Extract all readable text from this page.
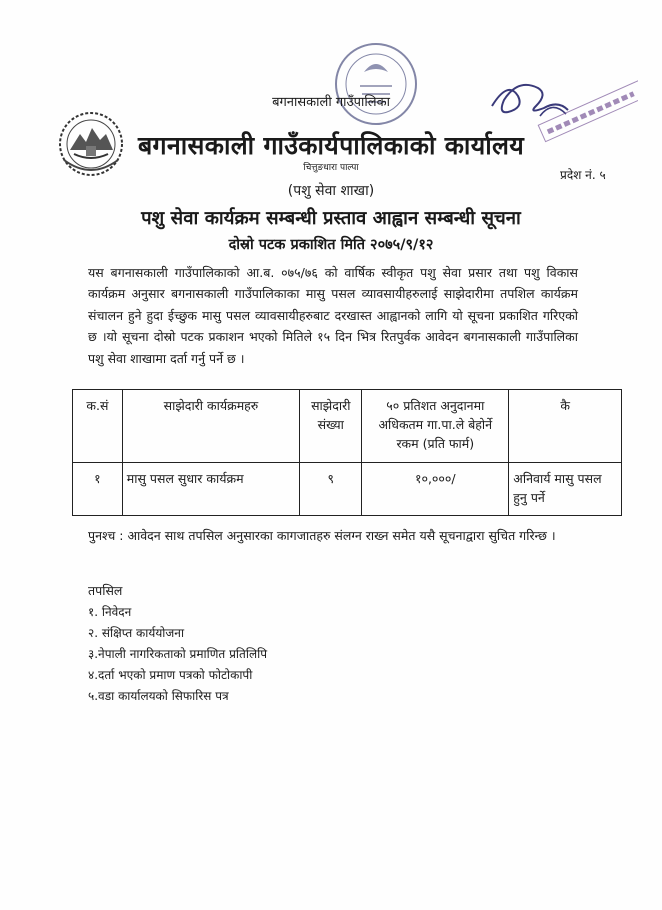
बगनासकाली गाउँपालिका
बगनासकाली गाउँकार्यपालिकाको कार्यालय
चित्तुङधारा पाल्पा	प्रदेश नं. ५
(पशु सेवा शाखा)
पशु सेवा कार्यक्रम सम्बन्धी प्रस्ताव आह्वान सम्बन्धी सूचना
दोस्रो पटक प्रकाशित मिति २०७५/९/१२

यस बगनासकाली गाउँपालिकाको आ.ब. ०७५/७६ को वार्षिक स्वीकृत पशु सेवा प्रसार तथा पशु विकास कार्यक्रम अनुसार बगनासकाली गाउँपालिकाका मासु पसल व्यावसायीहरुलाई साझेदारीमा तपशिल कार्यक्रम संचालन हुने हुदा ईच्छुक मासु पसल व्यावसायीहरुबाट दरखास्त आह्वानको लागि यो सूचना प्रकाशित गरिएको छ ।यो सूचना दोस्रो पटक प्रकाशन भएको मितिले १५ दिन भित्र रितपुर्वक आवेदन बगनासकाली गाउँपालिका पशु सेवा शाखामा दर्ता गर्नु पर्ने छ ।

क.सं	साझेदारी कार्यक्रमहरु	साझेदारी संख्या	५० प्रतिशत अनुदानमा अधिकतम गा.पा.ले बेहोर्ने रकम (प्रति फार्म)	कै
१	मासु पसल सुधार कार्यक्रम	९	१०,०००/	अनिवार्य मासु पसल हुनु पर्ने

पुनश्च : आवेदन साथ तपसिल अनुसारका कागजातहरु संलग्न राख्न समेत यसै सूचनाद्वारा सुचित गरिन्छ ।

तपसिल
१. निवेदन
२. संक्षिप्त कार्ययोजना
३.नेपाली नागरिकताको प्रमाणित प्रतिलिपि
४.दर्ता भएको प्रमाण पत्रको फोटोकापी
५.वडा कार्यालयको सिफारिस पत्र
